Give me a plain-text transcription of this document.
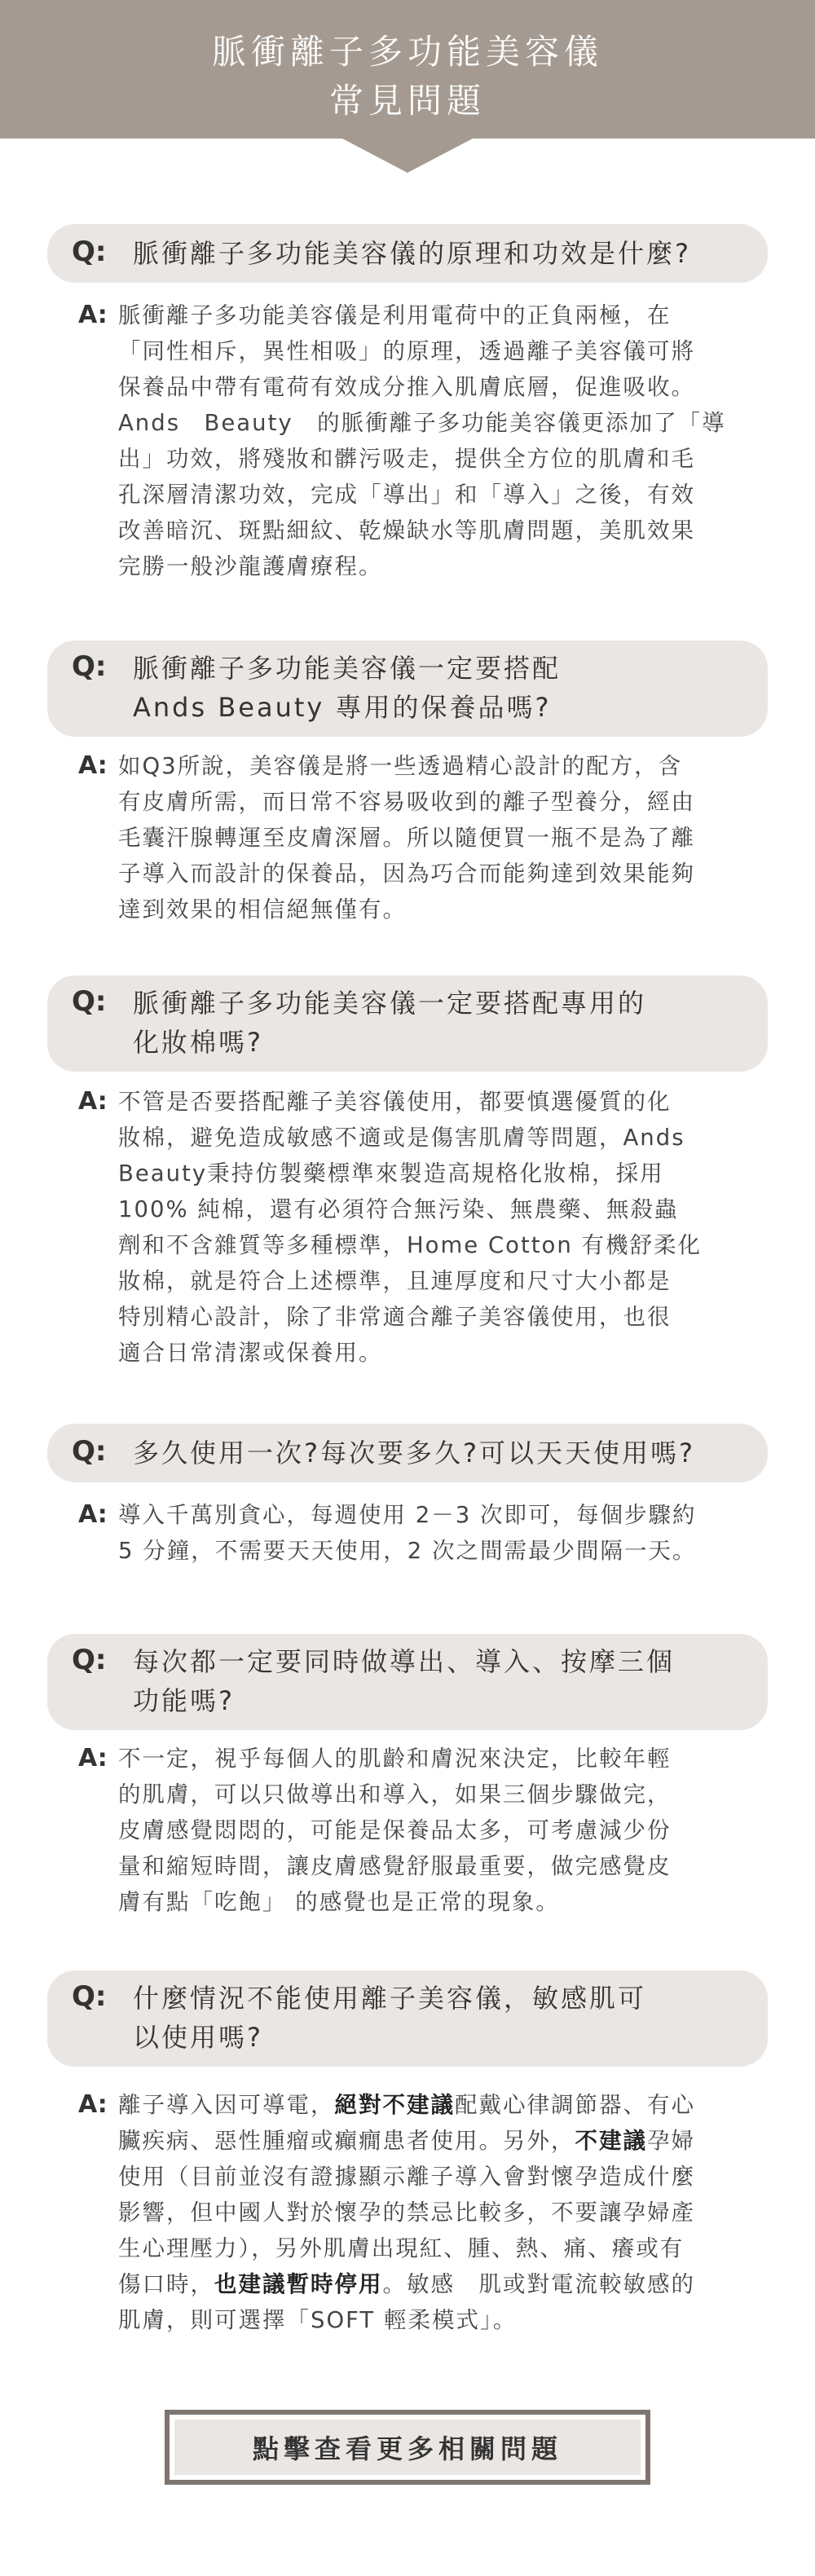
脈衝離子多功能美容儀
常見問題
Q: 脈衝離子多功能美容儀的原理和功效是什麼?
A: 脈衝離子多功能美容儀是利用電荷中的正負兩極，在
「同性相斥，異性相吸」的原理，透過離子美容儀可將
保養品中帶有電荷有效成分推入肌膚底層，促進吸收。
Ands　Beauty　的脈衝離子多功能美容儀更添加了「導
出」功效，將殘妝和髒污吸走，提供全方位的肌膚和毛
孔深層清潔功效，完成「導出」和「導入」之後，有效
改善暗沉、斑點細紋、乾燥缺水等肌膚問題，美肌效果
完勝一般沙龍護膚療程。
Q: 脈衝離子多功能美容儀一定要搭配
Ands Beauty 專用的保養品嗎?
A: 如Q3所說，美容儀是將一些透過精心設計的配方，含
有皮膚所需，而日常不容易吸收到的離子型養分，經由
毛囊汗腺轉運至皮膚深層。所以隨便買一瓶不是為了離
子導入而設計的保養品，因為巧合而能夠達到效果能夠
達到效果的相信絕無僅有。
Q: 脈衝離子多功能美容儀一定要搭配專用的
化妝棉嗎?
A: 不管是否要搭配離子美容儀使用，都要慎選優質的化
妝棉，避免造成敏感不適或是傷害肌膚等問題，Ands
Beauty秉持仿製藥標準來製造高規格化妝棉，採用
100% 純棉，還有必須符合無污染、無農藥、無殺蟲
劑和不含雜質等多種標準，Home Cotton 有機舒柔化
妝棉，就是符合上述標準，且連厚度和尺寸大小都是
特別精心設計，除了非常適合離子美容儀使用，也很
適合日常清潔或保養用。
Q: 多久使用一次?每次要多久?可以天天使用嗎?
A: 導入千萬別貪心，每週使用 2－3 次即可，每個步驟約
5 分鐘，不需要天天使用，2 次之間需最少間隔一天。
Q: 每次都一定要同時做導出、導入、按摩三個
功能嗎?
A: 不一定，視乎每個人的肌齡和膚況來決定，比較年輕
的肌膚，可以只做導出和導入，如果三個步驟做完，
皮膚感覺悶悶的，可能是保養品太多，可考慮減少份
量和縮短時間，讓皮膚感覺舒服最重要，做完感覺皮
膚有點「吃飽」 的感覺也是正常的現象。
Q: 什麼情況不能使用離子美容儀，敏感肌可
以使用嗎?
A: 離子導入因可導電，絕對不建議配戴心律調節器、有心
臟疾病、惡性腫瘤或癲癇患者使用。另外，不建議孕婦
使用（目前並沒有證據顯示離子導入會對懷孕造成什麼
影響，但中國人對於懷孕的禁忌比較多，不要讓孕婦產
生心理壓力），另外肌膚出現紅、腫、熱、痛、癢或有
傷口時，也建議暫時停用。敏感　肌或對電流較敏感的
肌膚，則可選擇「SOFT 輕柔模式」。
點擊查看更多相關問題
